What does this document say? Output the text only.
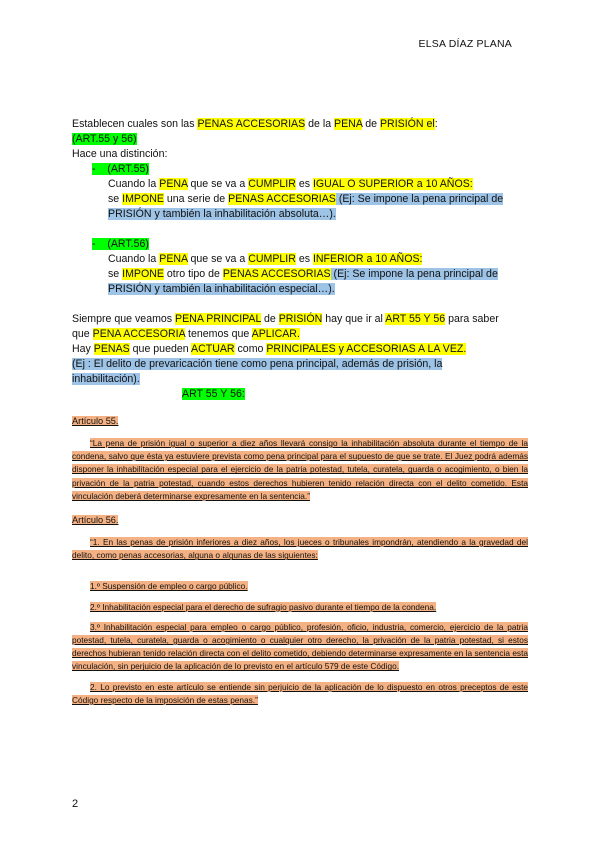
ELSA DÍAZ PLANA
Establecen cuales son las PENAS ACCESORIAS de la PENA de PRISIÓN el:
(ART.55 y 56)
Hace una distinción:
- (ART.55)
Cuando la PENA que se va a CUMPLIR es IGUAL O SUPERIOR a 10 AÑOS:
se IMPONE una serie de PENAS ACCESORIAS (Ej: Se impone la pena principal de
PRISIÓN y también la inhabilitación absoluta…).
- (ART.56)
Cuando la PENA que se va a CUMPLIR es INFERIOR a 10 AÑOS:
se IMPONE otro tipo de PENAS ACCESORIAS (Ej: Se impone la pena principal de
PRISIÓN y también la inhabilitación especial…).
Siempre que veamos PENA PRINCIPAL de PRISIÓN hay que ir al ART 55 Y 56 para saber
que PENA ACCESORIA tenemos que APLICAR.
Hay PENAS que pueden ACTUAR como PRINCIPALES y ACCESORIAS A LA VEZ.
(Ej : El delito de prevaricación tiene como pena principal, además de prisión, la
inhabilitación).
ART 55 Y 56:
Artículo 55.
“La pena de prisión igual o superior a diez años llevará consigo la inhabilitación absoluta durante el tiempo de la condena, salvo que ésta ya estuviere prevista como pena principal para el supuesto de que se trate. El Juez podrá además disponer la inhabilitación especial para el ejercicio de la patria potestad, tutela, curatela, guarda o acogimiento, o bien la privación de la patria potestad, cuando estos derechos hubieren tenido relación directa con el delito cometido. Esta vinculación deberá determinarse expresamente en la sentencia.”
Artículo 56.
“1. En las penas de prisión inferiores a diez años, los jueces o tribunales impondrán, atendiendo a la gravedad del delito, como penas accesorias, alguna o algunas de las siguientes:
1.º Suspensión de empleo o cargo público.
2.º Inhabilitación especial para el derecho de sufragio pasivo durante el tiempo de la condena.
3.º Inhabilitación especial para empleo o cargo público, profesión, oficio, industria, comercio, ejercicio de la patria potestad, tutela, curatela, guarda o acogimiento o cualquier otro derecho, la privación de la patria potestad, si estos derechos hubieran tenido relación directa con el delito cometido, debiendo determinarse expresamente en la sentencia esta vinculación, sin perjuicio de la aplicación de lo previsto en el artículo 579 de este Código.
2. Lo previsto en este artículo se entiende sin perjuicio de la aplicación de lo dispuesto en otros preceptos de este Código respecto de la imposición de estas penas.”
2
